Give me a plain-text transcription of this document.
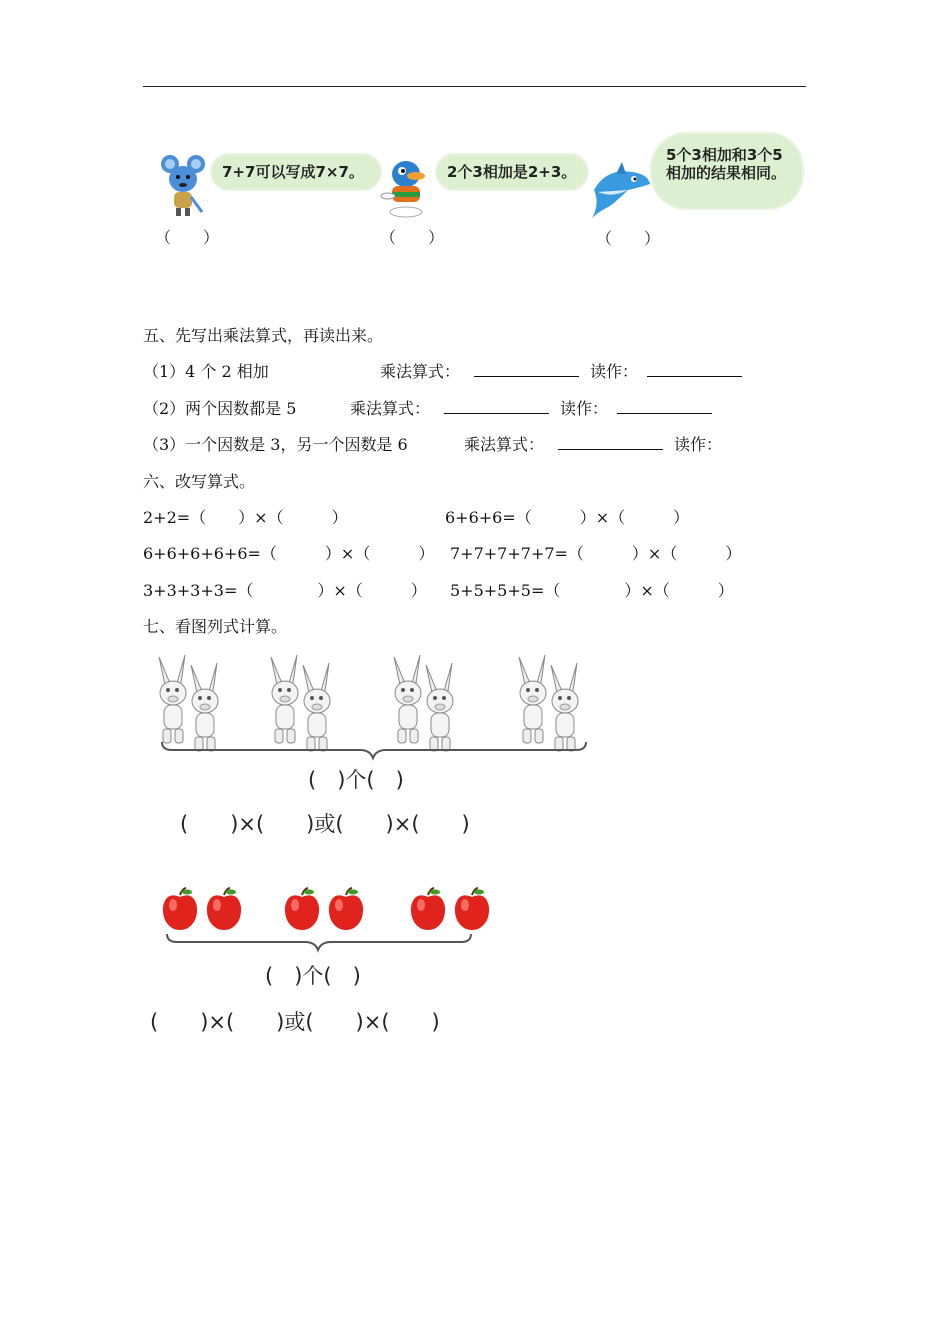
7+7可以写成7×7。
（　　）
2个3相加是2+3。
（　　）
5个3相加和3个5相加的结果相同。
（　　）
五、先写出乘法算式，再读出来。
（1）4 个 2 相加	乘法算式：	读作：
（2）两个因数都是 5	乘法算式：	读作：
（3）一个因数是 3，另一个因数是 6	乘法算式：	读作：
六、改写算式。
2+2=（　　）×（　　　）	6+6+6=（　　　）×（　　　）
6+6+6+6+6=（　　　）×（　　　） 7+7+7+7+7=（　　　）×（　　　）
3+3+3+3=（　　　　）×（　　　） 5+5+5+5=（　　　　）×（　　　）
七、看图列式计算。
(　)个(　)
(　　)×(　　)或(　　)×(　　)
(　)个(　)
(　　)×(　　)或(　　)×(　　)
